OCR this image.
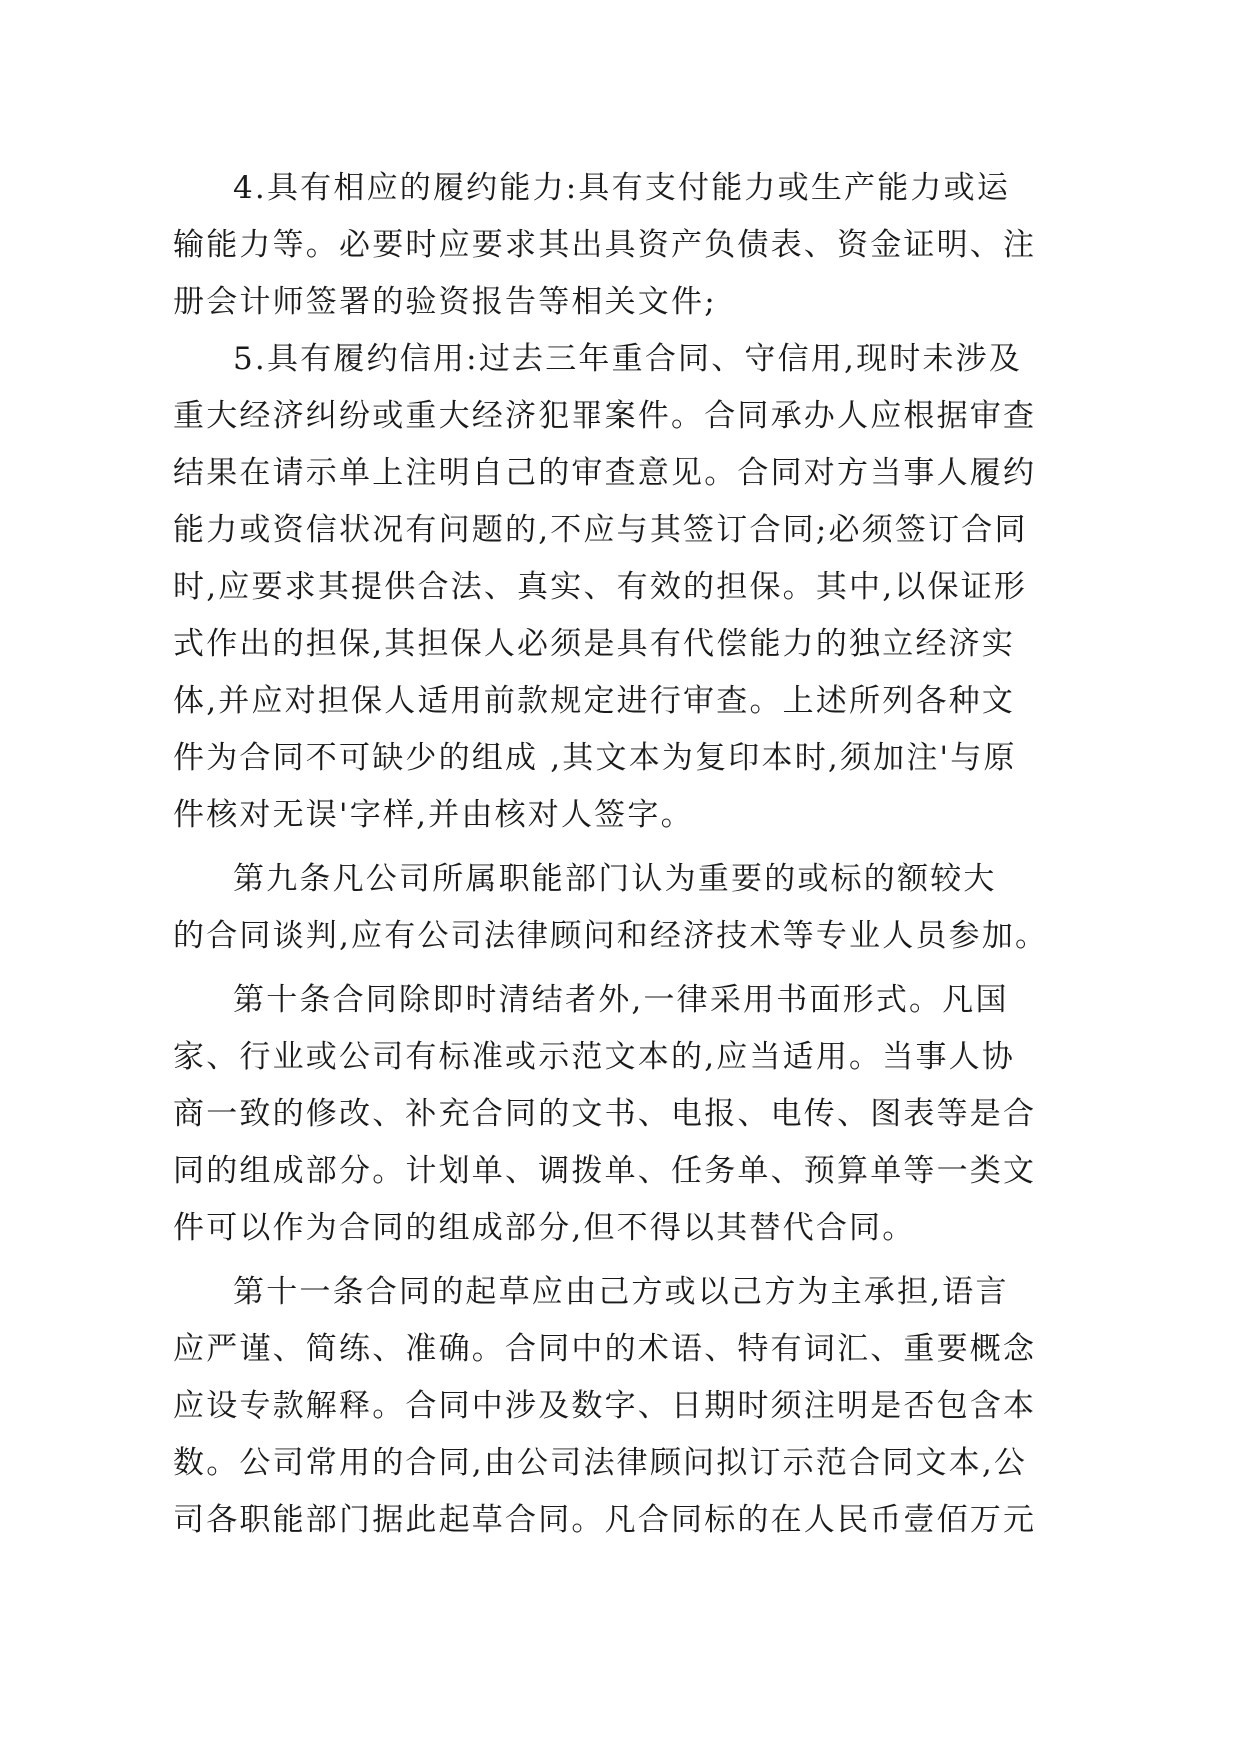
4.具有相应的履约能力:具有支付能力或生产能力或运
输能力等。必要时应要求其出具资产负债表、资金证明、注
册会计师签署的验资报告等相关文件;
5.具有履约信用:过去三年重合同、守信用,现时未涉及
重大经济纠纷或重大经济犯罪案件。合同承办人应根据审查
结果在请示单上注明自己的审查意见。合同对方当事人履约
能力或资信状况有问题的,不应与其签订合同;必须签订合同
时,应要求其提供合法、真实、有效的担保。其中,以保证形
式作出的担保,其担保人必须是具有代偿能力的独立经济实
体,并应对担保人适用前款规定进行审查。上述所列各种文
件为合同不可缺少的组成 ,其文本为复印本时,须加注'与原
件核对无误'字样,并由核对人签字。
第九条凡公司所属职能部门认为重要的或标的额较大
的合同谈判,应有公司法律顾问和经济技术等专业人员参加。
第十条合同除即时清结者外,一律采用书面形式。凡国
家、行业或公司有标准或示范文本的,应当适用。当事人协
商一致的修改、补充合同的文书、电报、电传、图表等是合
同的组成部分。计划单、调拨单、任务单、预算单等一类文
件可以作为合同的组成部分,但不得以其替代合同。
第十一条合同的起草应由己方或以己方为主承担,语言
应严谨、简练、准确。合同中的术语、特有词汇、重要概念
应设专款解释。合同中涉及数字、日期时须注明是否包含本
数。公司常用的合同,由公司法律顾问拟订示范合同文本,公
司各职能部门据此起草合同。凡合同标的在人民币壹佰万元
